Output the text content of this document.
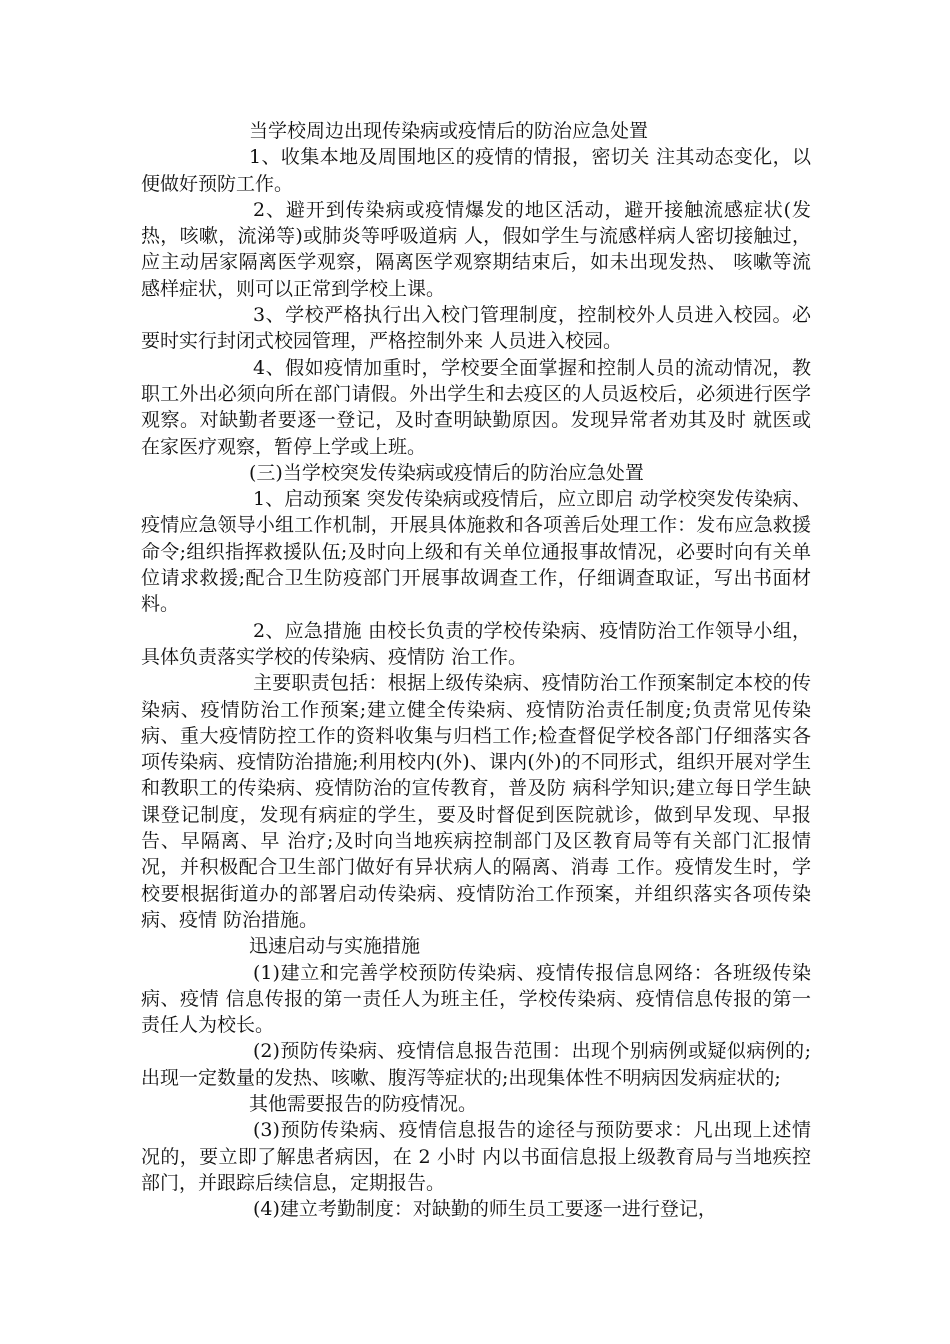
当学校周边出现传染病或疫情后的防治应急处置

1、收集本地及周围地区的疫情的情报，密切关 注其动态变化，以便做好预防工作。

2、避开到传染病或疫情爆发的地区活动，避开接触流感症状(发热，咳嗽，流涕等)或肺炎等呼吸道病 人，假如学生与流感样病人密切接触过，应主动居家隔离医学观察，隔离医学观察期结束后，如未出现发热、 咳嗽等流感样症状，则可以正常到学校上课。

3、学校严格执行出入校门管理制度，控制校外人员进入校园。必要时实行封闭式校园管理，严格控制外来 人员进入校园。

4、假如疫情加重时，学校要全面掌握和控制人员的流动情况，教职工外出必须向所在部门请假。外出学生和去疫区的人员返校后，必须进行医学观察。对缺勤者要逐一登记，及时查明缺勤原因。发现异常者劝其及时 就医或在家医疗观察，暂停上学或上班。

(三)当学校突发传染病或疫情后的防治应急处置

1、启动预案 突发传染病或疫情后，应立即启 动学校突发传染病、疫情应急领导小组工作机制，开展具体施救和各项善后处理工作：发布应急救援命令;组织指挥救援队伍;及时向上级和有关单位通报事故情况，必要时向有关单位请求救援;配合卫生防疫部门开展事故调查工作，仔细调查取证，写出书面材料。

2、应急措施 由校长负责的学校传染病、疫情防治工作领导小组，具体负责落实学校的传染病、疫情防 治工作。

主要职责包括：根据上级传染病、疫情防治工作预案制定本校的传染病、疫情防治工作预案;建立健全传染病、疫情防治责任制度;负责常见传染病、重大疫情防控工作的资料收集与归档工作;检查督促学校各部门仔细落实各项传染病、疫情防治措施;利用校内(外)、课内(外)的不同形式，组织开展对学生和教职工的传染病、疫情防治的宣传教育，普及防 病科学知识;建立每日学生缺课登记制度，发现有病症的学生，要及时督促到医院就诊，做到早发现、早报告、早隔离、早 治疗;及时向当地疾病控制部门及区教育局等有关部门汇报情况，并积极配合卫生部门做好有异状病人的隔离、消毒 工作。疫情发生时，学校要根据街道办的部署启动传染病、疫情防治工作预案，并组织落实各项传染病、疫情 防治措施。

迅速启动与实施措施

(1)建立和完善学校预防传染病、疫情传报信息网络：各班级传染病、疫情 信息传报的第一责任人为班主任，学校传染病、疫情信息传报的第一责任人为校长。

(2)预防传染病、疫情信息报告范围：出现个别病例或疑似病例的;出现一定数量的发热、咳嗽、腹泻等症状的;出现集体性不明病因发病症状的;

其他需要报告的防疫情况。

(3)预防传染病、疫情信息报告的途径与预防要求：凡出现上述情况的，要立即了解患者病因，在 2 小时 内以书面信息报上级教育局与当地疾控部门，并跟踪后续信息，定期报告。

(4)建立考勤制度：对缺勤的师生员工要逐一进行登记，
